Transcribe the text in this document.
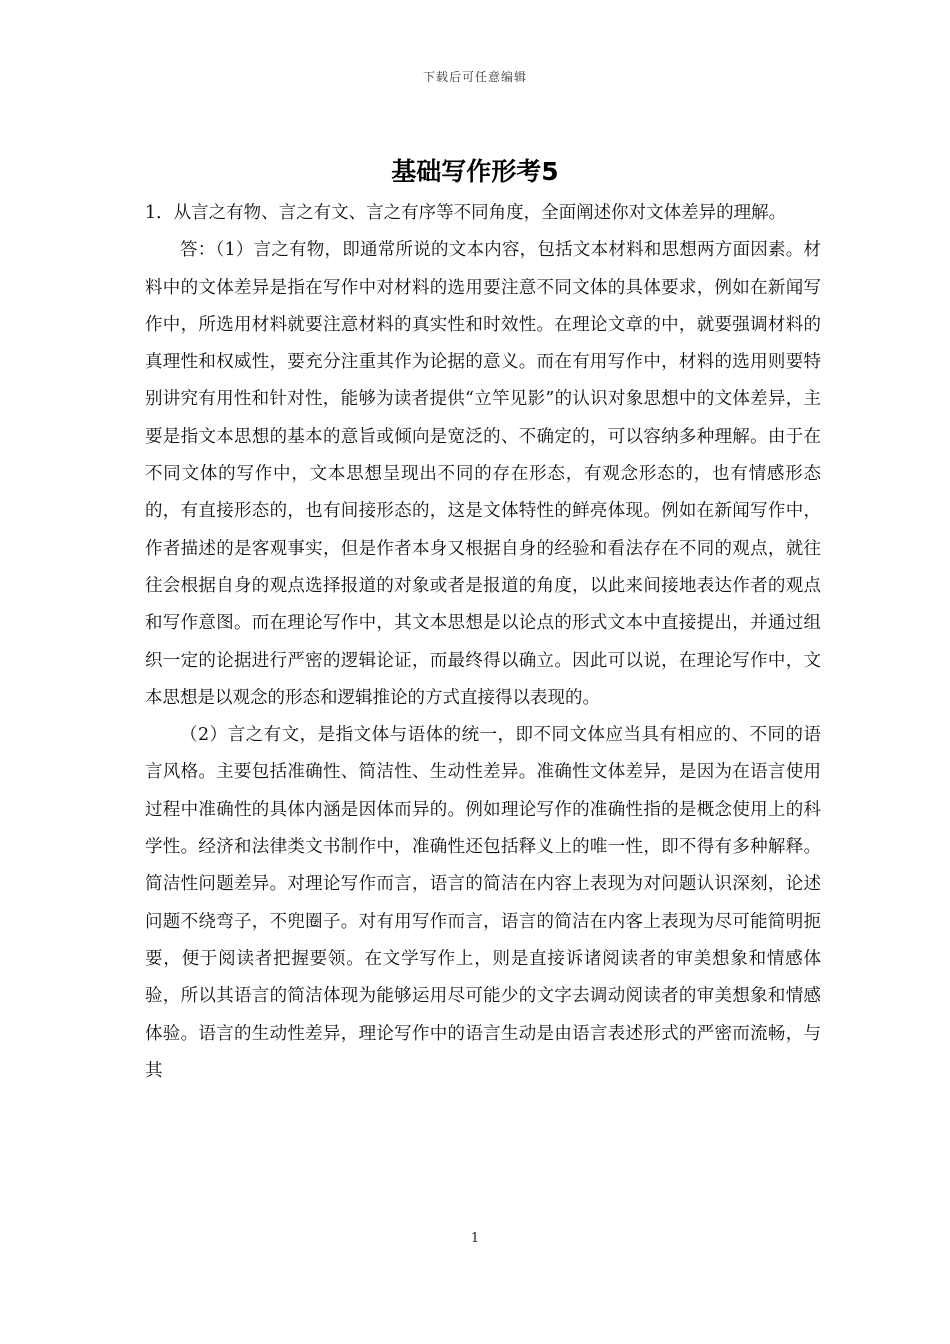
下载后可任意编辑
基础写作形考5

1．从言之有物、言之有文、言之有序等不同角度，全面阐述你对文体差异的理解。

答：（1）言之有物，即通常所说的文本内容，包括文本材料和思想两方面因素。材料中的文体差异是指在写作中对材料的选用要注意不同文体的具体要求，例如在新闻写作中，所选用材料就要注意材料的真实性和时效性。在理论文章的中，就要强调材料的真理性和权威性，要充分注重其作为论据的意义。而在有用写作中，材料的选用则要特别讲究有用性和针对性，能够为读者提供“立竿见影”的认识对象思想中的文体差异，主要是指文本思想的基本的意旨或倾向是宽泛的、不确定的，可以容纳多种理解。由于在不同文体的写作中，文本思想呈现出不同的存在形态，有观念形态的，也有情感形态的，有直接形态的，也有间接形态的，这是文体特性的鲜亮体现。例如在新闻写作中，作者描述的是客观事实，但是作者本身又根据自身的经验和看法存在不同的观点，就往往会根据自身的观点选择报道的对象或者是报道的角度，以此来间接地表达作者的观点和写作意图。而在理论写作中，其文本思想是以论点的形式文本中直接提出，并通过组织一定的论据进行严密的逻辑论证，而最终得以确立。因此可以说，在理论写作中，文本思想是以观念的形态和逻辑推论的方式直接得以表现的。

（2）言之有文，是指文体与语体的统一，即不同文体应当具有相应的、不同的语言风格。主要包括准确性、简洁性、生动性差异。准确性文体差异，是因为在语言使用过程中准确性的具体内涵是因体而异的。例如理论写作的准确性指的是概念使用上的科学性。经济和法律类文书制作中，准确性还包括释义上的唯一性，即不得有多种解释。简洁性问题差异。对理论写作而言，语言的简洁在内容上表现为对问题认识深刻，论述问题不绕弯子，不兜圈子。对有用写作而言，语言的简洁在内客上表现为尽可能简明扼要，便于阅读者把握要领。在文学写作上，则是直接诉诸阅读者的审美想象和情感体验，所以其语言的简洁体现为能够运用尽可能少的文字去调动阅读者的审美想象和情感体验。语言的生动性差异，理论写作中的语言生动是由语言表述形式的严密而流畅，与其

1
